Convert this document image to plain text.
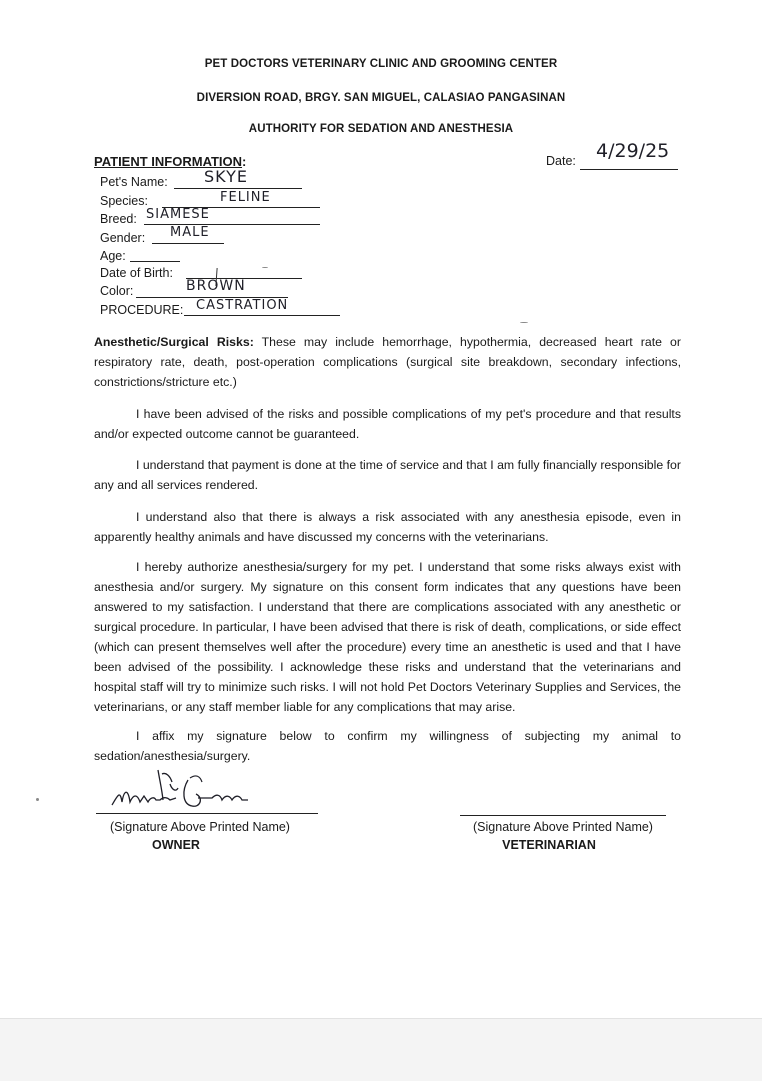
PET DOCTORS VETERINARY CLINIC AND GROOMING CENTER
DIVERSION ROAD, BRGY. SAN MIGUEL, CALASIAO PANGASINAN
AUTHORITY FOR SEDATION AND ANESTHESIA
PATIENT INFORMATION:	Date: 4/29/25
Pet's Name: SKYE
Species:	FELINE
Breed: SIAMESE
Gender: MALE
Age:
Date of Birth:
Color:	BROWN
PROCEDURE: CASTRATION
Anesthetic/Surgical Risks: These may include hemorrhage, hypothermia, decreased heart rate or respiratory rate, death, post-operation complications (surgical site breakdown, secondary infections, constrictions/stricture etc.)
I have been advised of the risks and possible complications of my pet's procedure and that results and/or expected outcome cannot be guaranteed.
I understand that payment is done at the time of service and that I am fully financially responsible for any and all services rendered.
I understand also that there is always a risk associated with any anesthesia episode, even in apparently healthy animals and have discussed my concerns with the veterinarians.
I hereby authorize anesthesia/surgery for my pet. I understand that some risks always exist with anesthesia and/or surgery. My signature on this consent form indicates that any questions have been answered to my satisfaction. I understand that there are complications associated with any anesthetic or surgical procedure. In particular, I have been advised that there is risk of death, complications, or side effect (which can present themselves well after the procedure) every time an anesthetic is used and that I have been advised of the possibility. I acknowledge these risks and understand that the veterinarians and hospital staff will try to minimize such risks. I will not hold Pet Doctors Veterinary Supplies and Services, the veterinarians, or any staff member liable for any complications that may arise.
I affix my signature below to confirm my willingness of subjecting my animal to sedation/anesthesia/surgery.
(Signature Above Printed Name)
OWNER
(Signature Above Printed Name)
VETERINARIAN
